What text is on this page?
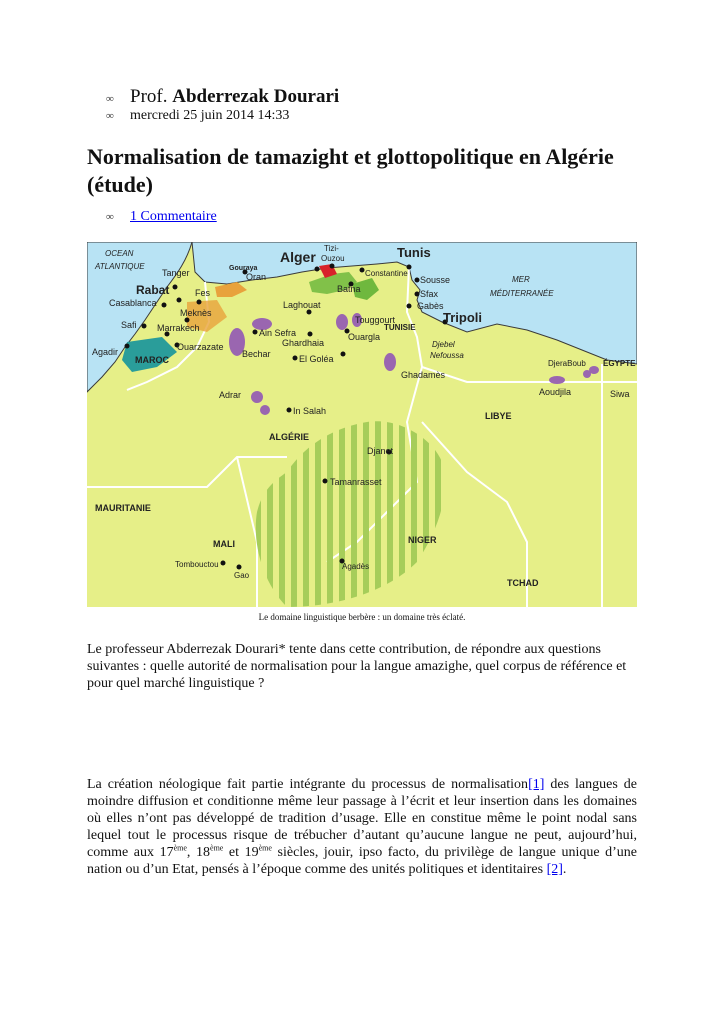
∞ Prof. Abderrezak Dourari
∞ mercredi 25 juin 2014 14:33
Normalisation de tamazight et glottopolitique en Algérie (étude)
∞ 1 Commentaire
OCEAN
ATLANTIQUE
MER
MÉDITERRANÉE
Tanger
Rabat
Casablanca
Fes
Meknès
Safi Marrakech
Agadir	Ouarzazate
MAROC
Gouraya
Oran
Alger
Tizi-
Ouzou
Constantine
Batna
Tunis
Sousse
Sfax
Gabès
TUNISIE
Tripoli
Laghouat
Ain Sefra
Bechar
Ghardhaia
Touggourt
Ouargla
El Goléa
Djebel
Nefoussa
Ghadamès
DjeraBoub ÉGYPTE
Aoudjila	Siwa
Adrar
In Salah	LIBYE
ALGÉRIE
Djanet
Tamanrasset
MAURITANIE
MALI	NIGER
Tombouctou
Gao
Agadès
TCHAD
Le domaine linguistique berbère : un domaine très éclaté.

Le professeur Abderrezak Dourari* tente dans cette contribution, de répondre aux questions suivantes : quelle autorité de normalisation pour la langue amazighe, quel corpus de référence et pour quel marché linguistique ?

La création néologique fait partie intégrante du processus de normalisation[1] des langues de moindre diffusion et conditionne même leur passage à l’écrit et leur insertion dans les domaines où elles n’ont pas développé de tradition d’usage. Elle en constitue même le point nodal sans lequel tout le processus risque de trébucher d’autant qu’aucune langue ne peut, aujourd’hui, comme aux 17ème, 18ème et 19ème siècles, jouir, ipso facto, du privilège de langue unique d’une nation ou d’un Etat, pensés à l’époque comme des unités politiques et identitaires [2].
